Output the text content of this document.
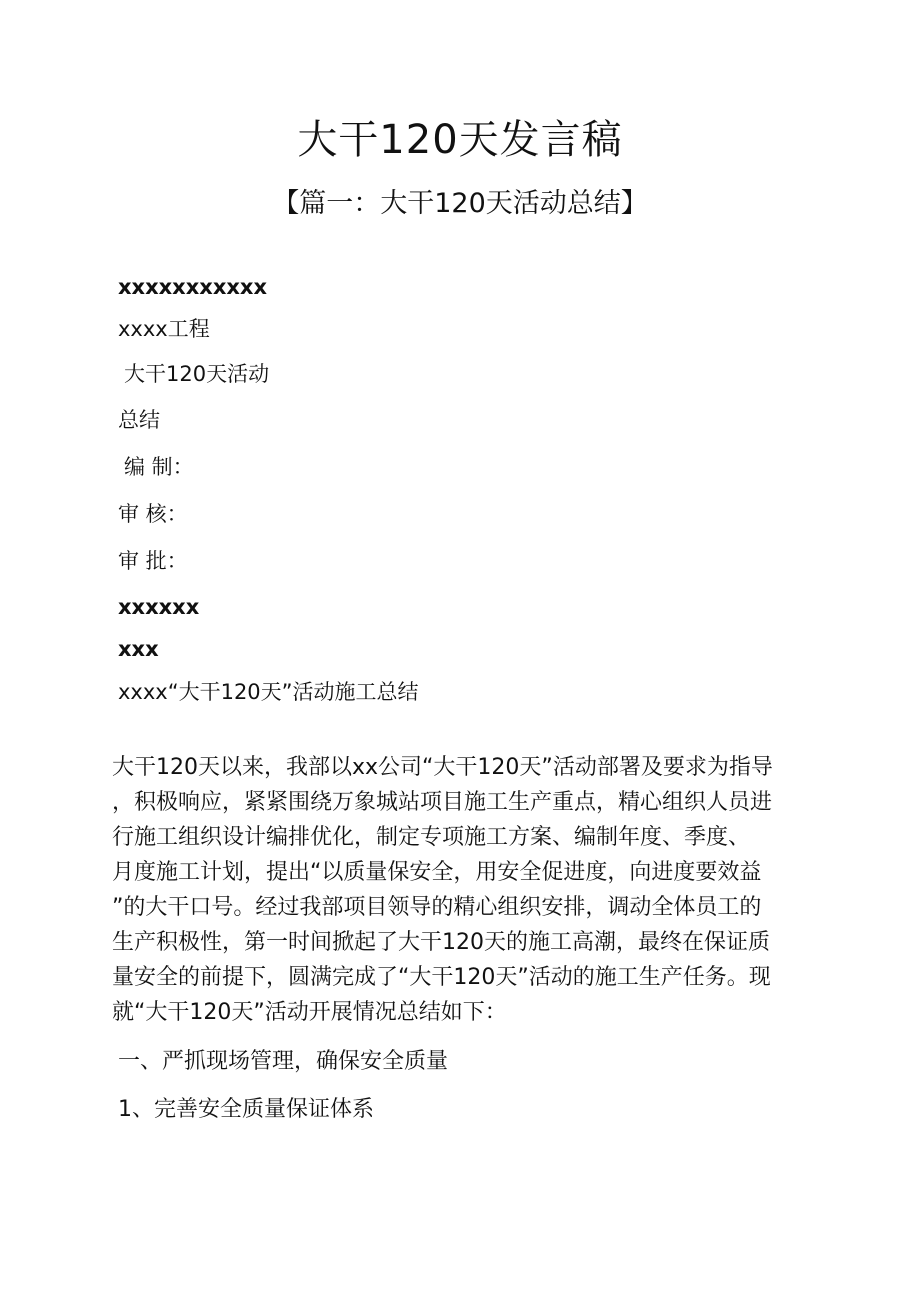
大干120天发言稿
【篇一：大干120天活动总结】
xxxxxxxxxxx
xxxx工程
大干120天活动
总结
编 制：
审 核：
审 批：
xxxxxx
xxx
xxxx“大干120天”活动施工总结
大干120天以来，我部以xx公司“大干120天”活动部署及要求为指导
，积极响应，紧紧围绕万象城站项目施工生产重点，精心组织人员进
行施工组织设计编排优化，制定专项施工方案、编制年度、季度、
月度施工计划，提出“以质量保安全，用安全促进度，向进度要效益
”的大干口号。经过我部项目领导的精心组织安排，调动全体员工的
生产积极性，第一时间掀起了大干120天的施工高潮，最终在保证质
量安全的前提下，圆满完成了“大干120天”活动的施工生产任务。现
就“大干120天”活动开展情况总结如下：
一、严抓现场管理，确保安全质量
1、完善安全质量保证体系
